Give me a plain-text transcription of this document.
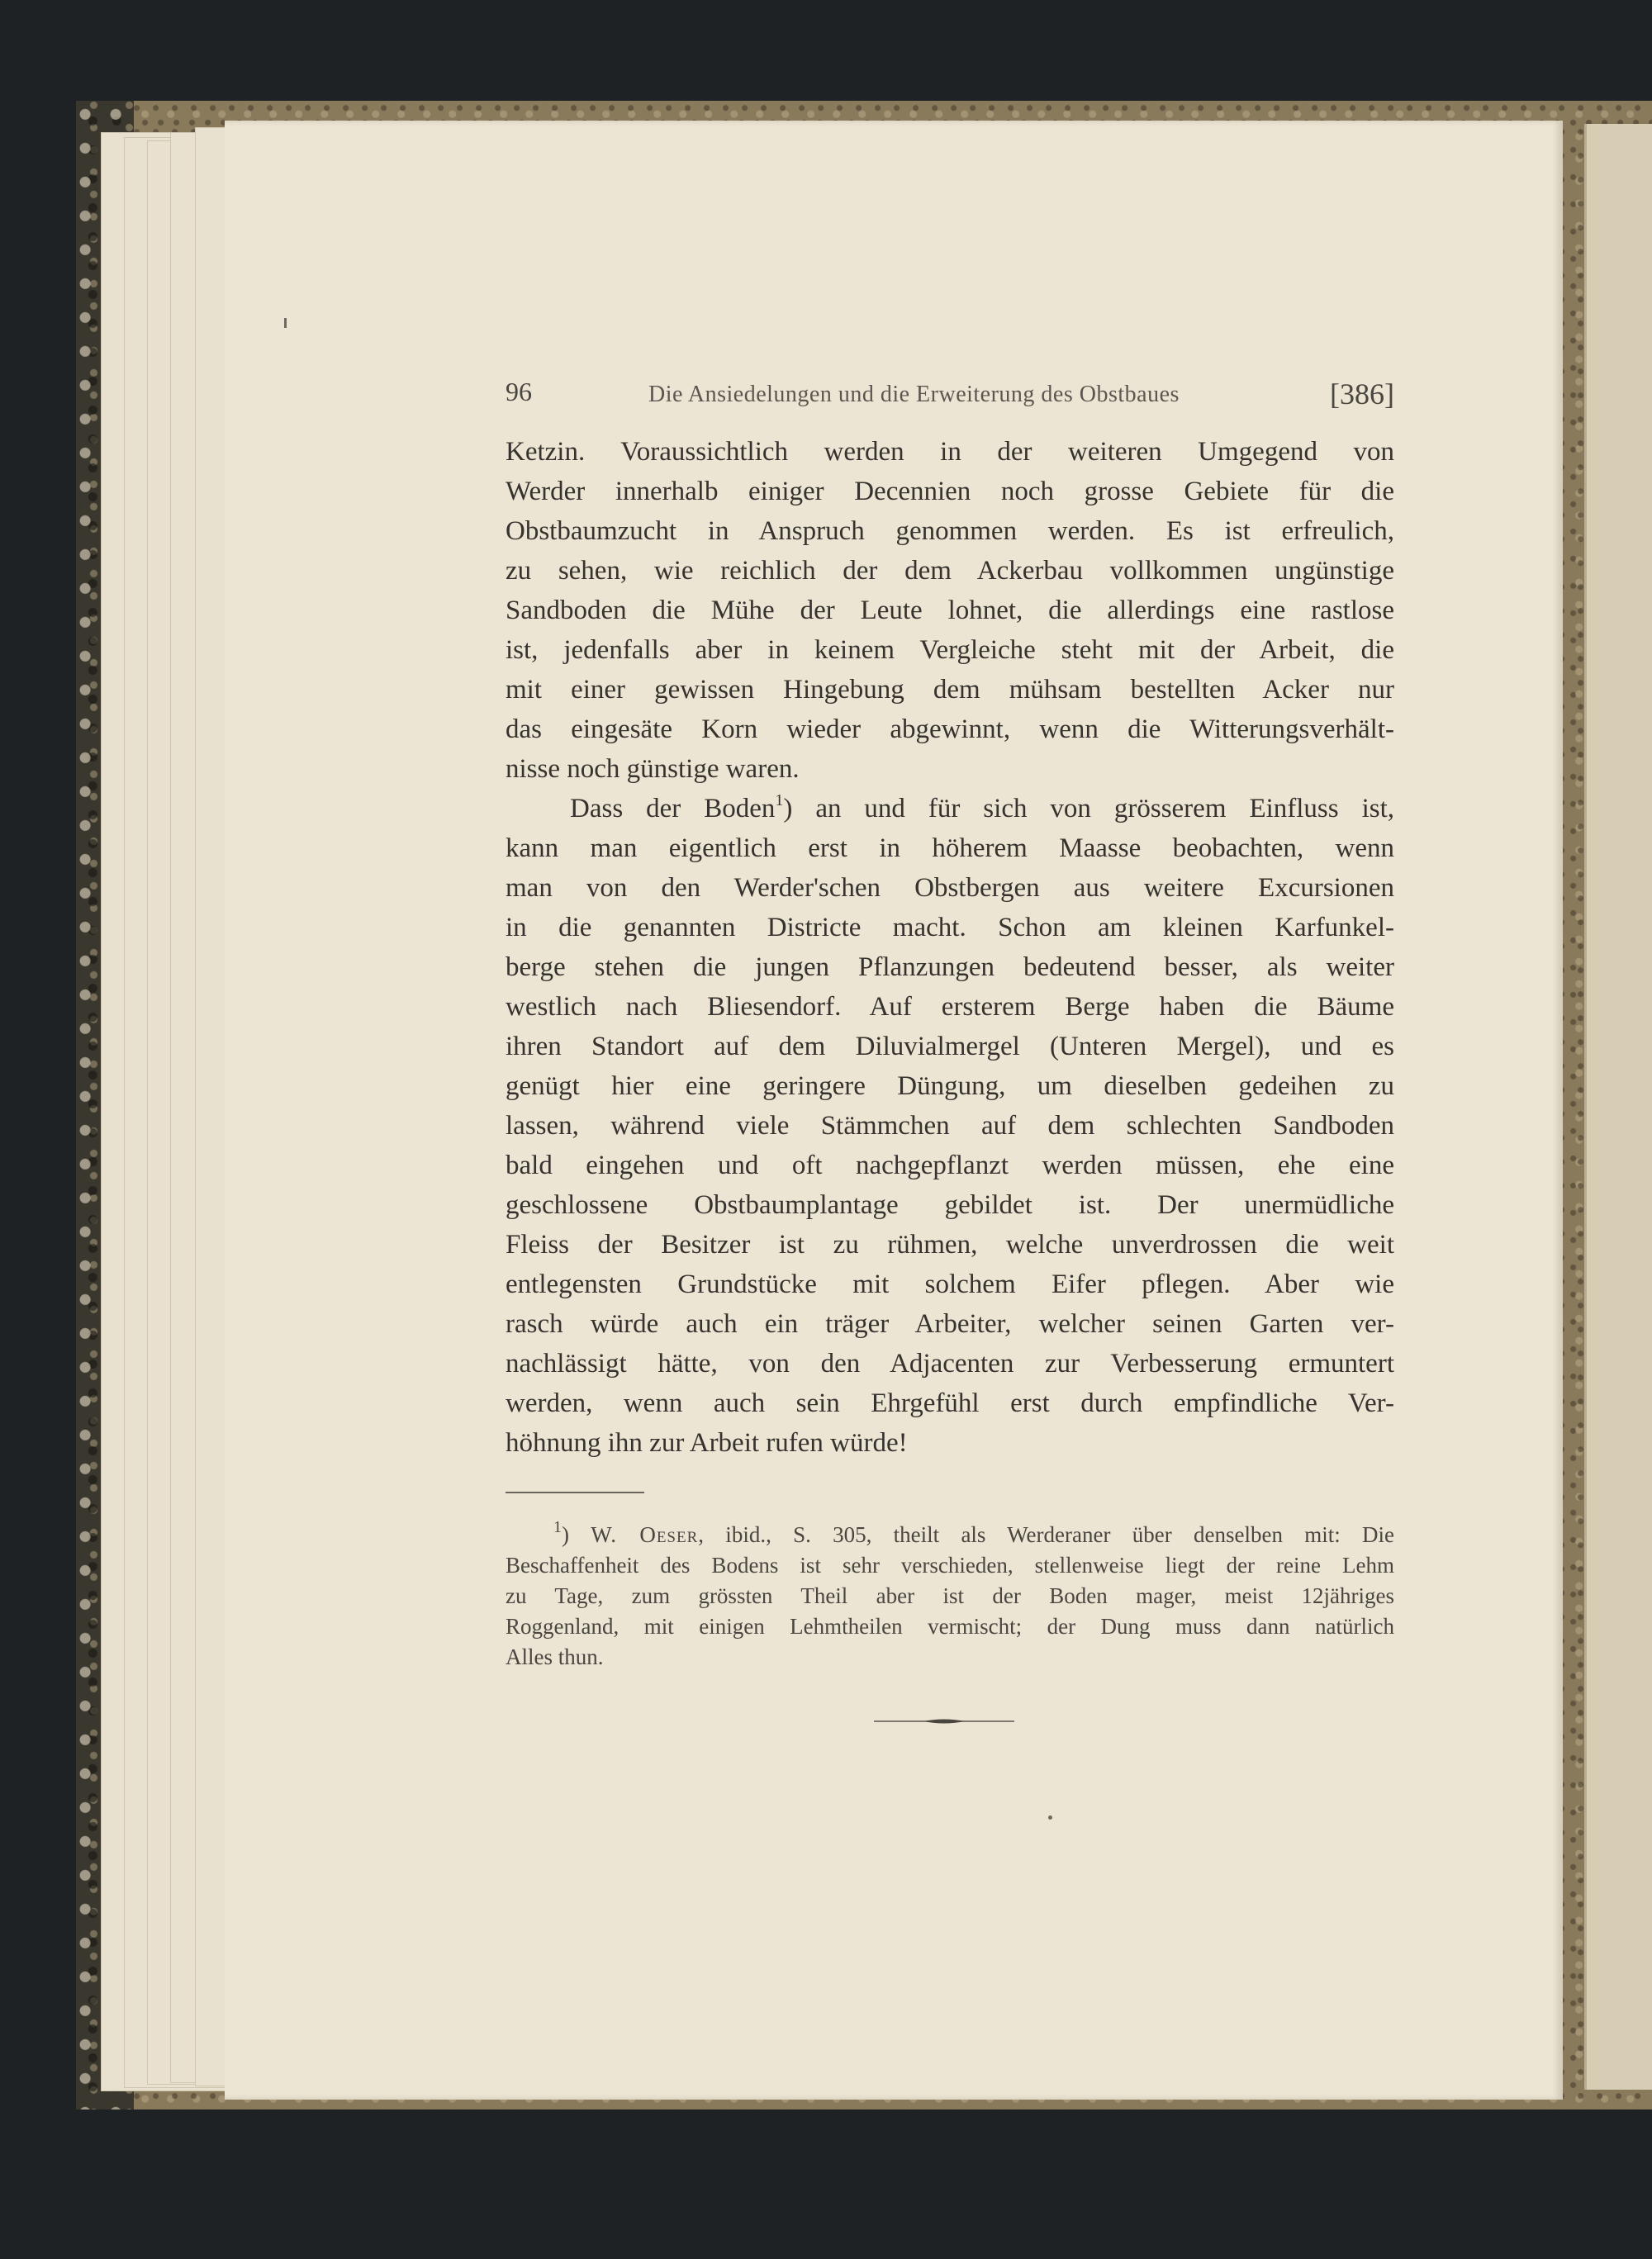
96	Die Ansiedelungen und die Erweiterung des Obstbaues	[386]

Ketzin. Voraussichtlich werden in der weiteren Umgegend von
Werder innerhalb einiger Decennien noch grosse Gebiete für die
Obstbaumzucht in Anspruch genommen werden. Es ist erfreulich,
zu sehen, wie reichlich der dem Ackerbau vollkommen ungünstige
Sandboden die Mühe der Leute lohnet, die allerdings eine rastlose
ist, jedenfalls aber in keinem Vergleiche steht mit der Arbeit, die
mit einer gewissen Hingebung dem mühsam bestellten Acker nur
das eingesäte Korn wieder abgewinnt, wenn die Witterungsverhält-
nisse noch günstige waren.

Dass der Boden$^1$) an und für sich von grösserem Einfluss ist,
kann man eigentlich erst in höherem Maasse beobachten, wenn
man von den Werder'schen Obstbergen aus weitere Excursionen
in die genannten Districte macht. Schon am kleinen Karfunkel-
berge stehen die jungen Pflanzungen bedeutend besser, als weiter
westlich nach Bliesendorf. Auf ersterem Berge haben die Bäume
ihren Standort auf dem Diluvialmergel (Unteren Mergel), und es
genügt hier eine geringere Düngung, um dieselben gedeihen zu
lassen, während viele Stämmchen auf dem schlechten Sandboden
bald eingehen und oft nachgepflanzt werden müssen, ehe eine
geschlossene Obstbaumplantage gebildet ist. Der unermüdliche
Fleiss der Besitzer ist zu rühmen, welche unverdrossen die weit
entlegensten Grundstücke mit solchem Eifer pflegen. Aber wie
rasch würde auch ein träger Arbeiter, welcher seinen Garten ver-
nachlässigt hätte, von den Adjacenten zur Verbesserung ermuntert
werden, wenn auch sein Ehrgefühl erst durch empfindliche Ver-
höhnung ihn zur Arbeit rufen würde!

$^1$) W. Oeser, ibid., S. 305, theilt als Werderaner über denselben mit: Die
Beschaffenheit des Bodens ist sehr verschieden, stellenweise liegt der reine Lehm
zu Tage, zum grössten Theil aber ist der Boden mager, meist 12jähriges
Roggenland, mit einigen Lehmtheilen vermischt; der Dung muss dann natürlich
Alles thun.
